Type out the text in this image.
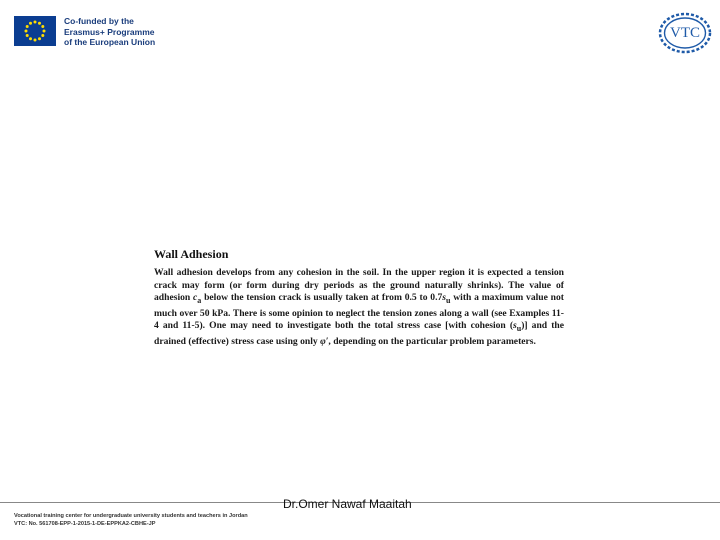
Co-funded by the
Erasmus+ Programme
of the European Union
VTC
Wall Adhesion

Wall adhesion develops from any cohesion in the soil. In the upper region it is expected a tension crack may form (or form during dry periods as the ground naturally shrinks). The value of adhesion $c_a$ below the tension crack is usually taken at from 0.5 to $0.7s_u$ with a maximum value not much over 50 kPa. There is some opinion to neglect the tension zones along a wall (see Examples 11-4 and 11-5). One may need to investigate both the total stress case [with cohesion $(s_u)$] and the drained (effective) stress case using only φ′, depending on the particular problem parameters.

Dr.Omer Nawaf Maaitah
Vocational training center for undergraduate university students and teachers in Jordan
VTC: No. 561708-EPP-1-2015-1-DE-EPPKA2-CBHE-JP
